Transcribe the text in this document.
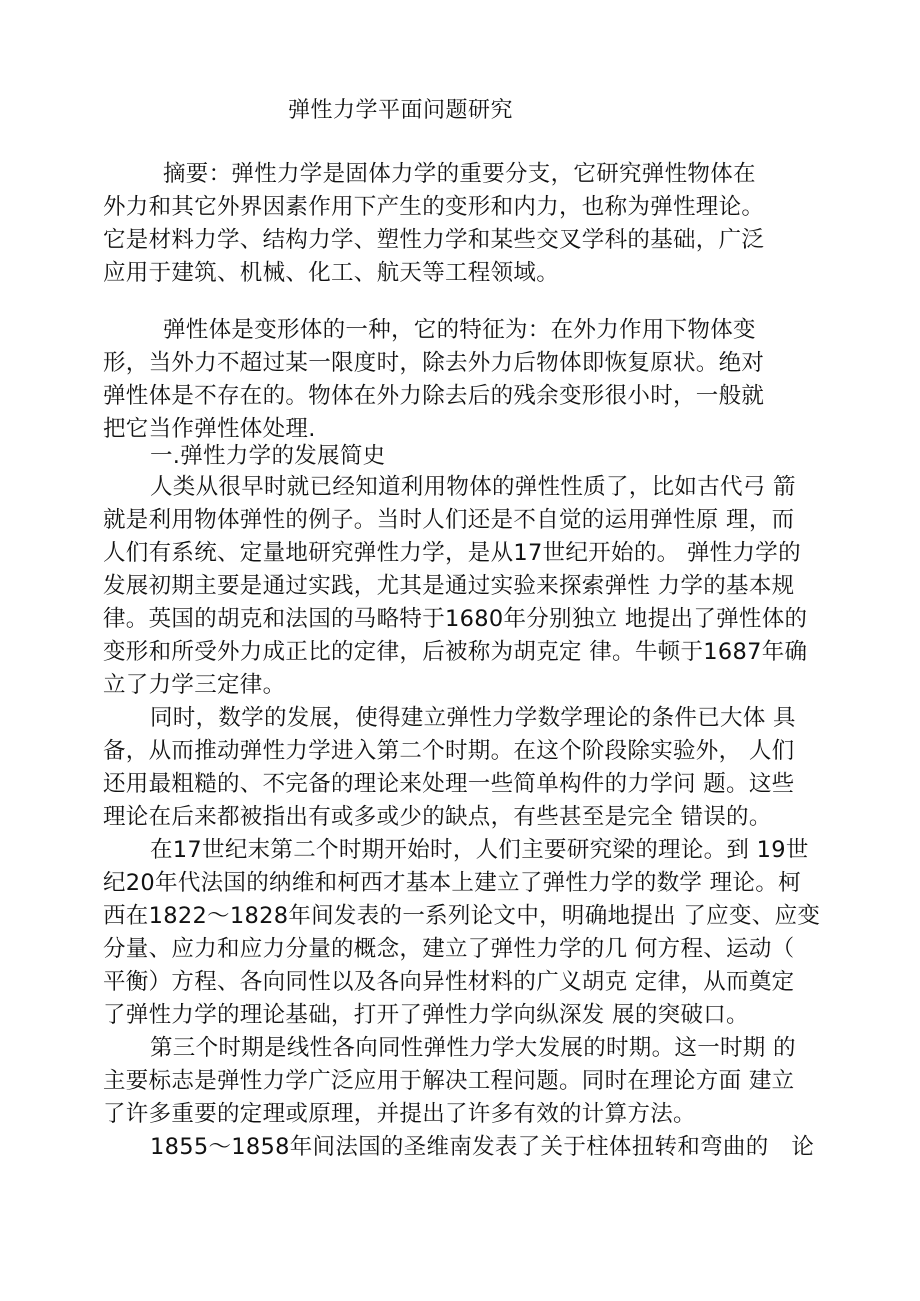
弹性力学平面问题研究
摘要：弹性力学是固体力学的重要分支，它研究弹性物体在
外力和其它外界因素作用下产生的变形和内力，也称为弹性理论。
它是材料力学、结构力学、塑性力学和某些交叉学科的基础，广泛
应用于建筑、机械、化工、航天等工程领域。
弹性体是变形体的一种，它的特征为：在外力作用下物体变
形，当外力不超过某一限度时，除去外力后物体即恢复原状。绝对
弹性体是不存在的。物体在外力除去后的残余变形很小时，一般就
把它当作弹性体处理.
一.弹性力学的发展简史
人类从很早时就已经知道利用物体的弹性性质了，比如古代弓 箭
就是利用物体弹性的例子。当时人们还是不自觉的运用弹性原 理，而
人们有系统、定量地研究弹性力学，是从17世纪开始的。 弹性力学的
发展初期主要是通过实践，尤其是通过实验来探索弹性 力学的基本规
律。英国的胡克和法国的马略特于1680年分别独立 地提出了弹性体的
变形和所受外力成正比的定律，后被称为胡克定 律。牛顿于1687年确
立了力学三定律。
同时，数学的发展，使得建立弹性力学数学理论的条件已大体 具
备，从而推动弹性力学进入第二个时期。在这个阶段除实验外， 人们
还用最粗糙的、不完备的理论来处理一些简单构件的力学问 题。这些
理论在后来都被指出有或多或少的缺点，有些甚至是完全 错误的。
在17世纪末第二个时期开始时，人们主要研究梁的理论。到 19世
纪20年代法国的纳维和柯西才基本上建立了弹性力学的数学 理论。柯
西在1822〜1828年间发表的一系列论文中，明确地提出 了应变、应变
分量、应力和应力分量的概念，建立了弹性力学的几 何方程、运动（
平衡）方程、各向同性以及各向异性材料的广义胡克 定律，从而奠定
了弹性力学的理论基础，打开了弹性力学向纵深发 展的突破口。
第三个时期是线性各向同性弹性力学大发展的时期。这一时期 的
主要标志是弹性力学广泛应用于解决工程问题。同时在理论方面 建立
了许多重要的定理或原理，并提出了许多有效的计算方法。
1855〜1858年间法国的圣维南发表了关于柱体扭转和弯曲的　论
